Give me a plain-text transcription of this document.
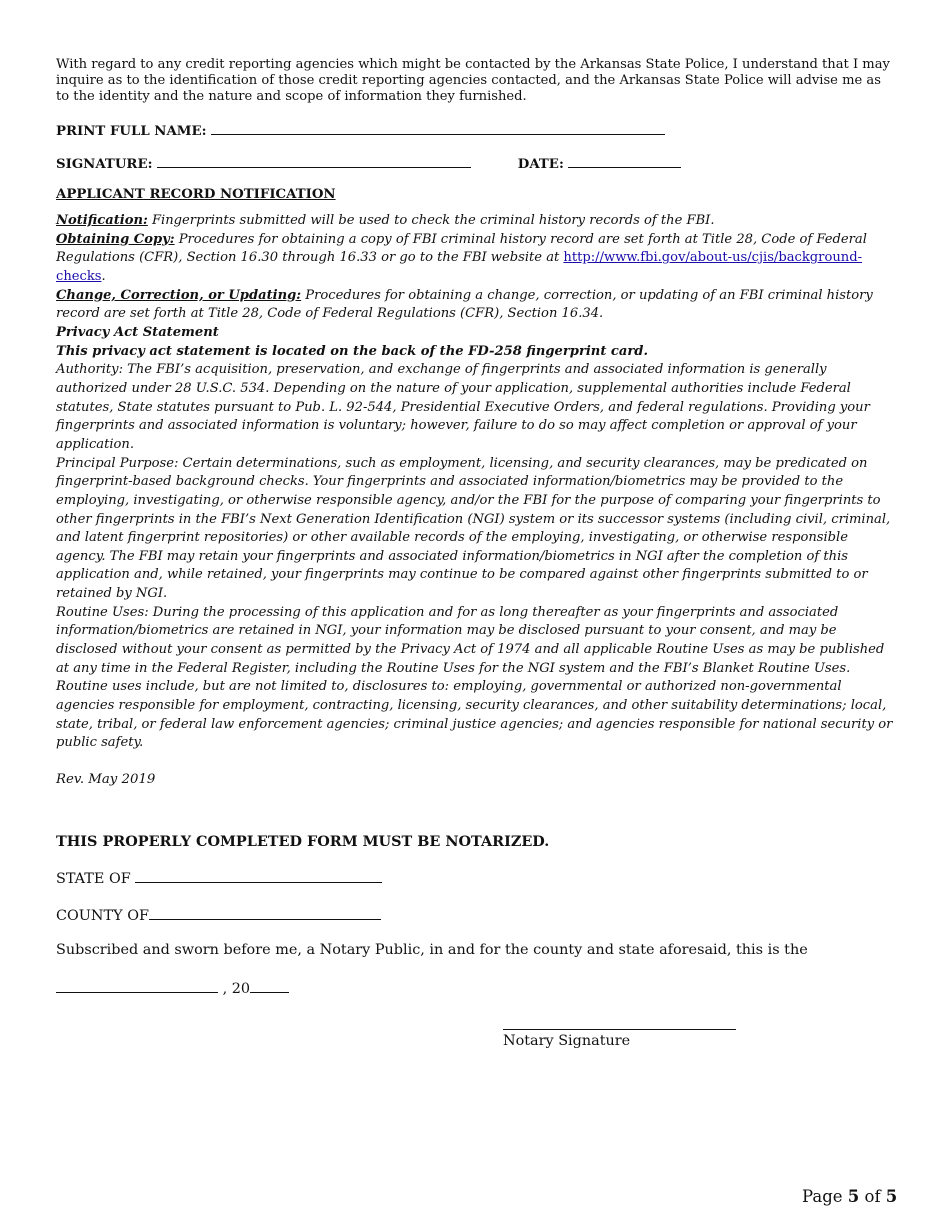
With regard to any credit reporting agencies which might be contacted by the Arkansas State Police, I understand that I may inquire as to the identification of those credit reporting agencies contacted, and the Arkansas State Police will advise me as to the identity and the nature and scope of information they furnished.
PRINT FULL NAME:
SIGNATURE:	DATE:
APPLICANT RECORD NOTIFICATION

Notification: Fingerprints submitted will be used to check the criminal history records of the FBI.

Obtaining Copy: Procedures for obtaining a copy of FBI criminal history record are set forth at Title 28, Code of Federal Regulations (CFR), Section 16.30 through 16.33 or go to the FBI website at http://www.fbi.gov/about-us/cjis/background-checks.

Change, Correction, or Updating: Procedures for obtaining a change, correction, or updating of an FBI criminal history record are set forth at Title 28, Code of Federal Regulations (CFR), Section 16.34.

Privacy Act Statement

This privacy act statement is located on the back of the FD-258 fingerprint card.

Authority: The FBI’s acquisition, preservation, and exchange of fingerprints and associated information is generally authorized under 28 U.S.C. 534. Depending on the nature of your application, supplemental authorities include Federal statutes, State statutes pursuant to Pub. L. 92-544, Presidential Executive Orders, and federal regulations. Providing your fingerprints and associated information is voluntary; however, failure to do so may affect completion or approval of your application.

Principal Purpose: Certain determinations, such as employment, licensing, and security clearances, may be predicated on fingerprint-based background checks. Your fingerprints and associated information/biometrics may be provided to the employing, investigating, or otherwise responsible agency, and/or the FBI for the purpose of comparing your fingerprints to other fingerprints in the FBI’s Next Generation Identification (NGI) system or its successor systems (including civil, criminal, and latent fingerprint repositories) or other available records of the employing, investigating, or otherwise responsible agency. The FBI may retain your fingerprints and associated information/biometrics in NGI after the completion of this application and, while retained, your fingerprints may continue to be compared against other fingerprints submitted to or retained by NGI.

Routine Uses: During the processing of this application and for as long thereafter as your fingerprints and associated information/biometrics are retained in NGI, your information may be disclosed pursuant to your consent, and may be disclosed without your consent as permitted by the Privacy Act of 1974 and all applicable Routine Uses as may be published at any time in the Federal Register, including the Routine Uses for the NGI system and the FBI’s Blanket Routine Uses. Routine uses include, but are not limited to, disclosures to: employing, governmental or authorized non-governmental agencies responsible for employment, contracting, licensing, security clearances, and other suitability determinations; local, state, tribal, or federal law enforcement agencies; criminal justice agencies; and agencies responsible for national security or public safety.

Rev. May 2019
THIS PROPERLY COMPLETED FORM MUST BE NOTARIZED.
STATE OF
COUNTY OF
Subscribed and sworn before me, a Notary Public, in and for the county and state aforesaid, this is the
, 20
Notary Signature
Page 5 of 5
